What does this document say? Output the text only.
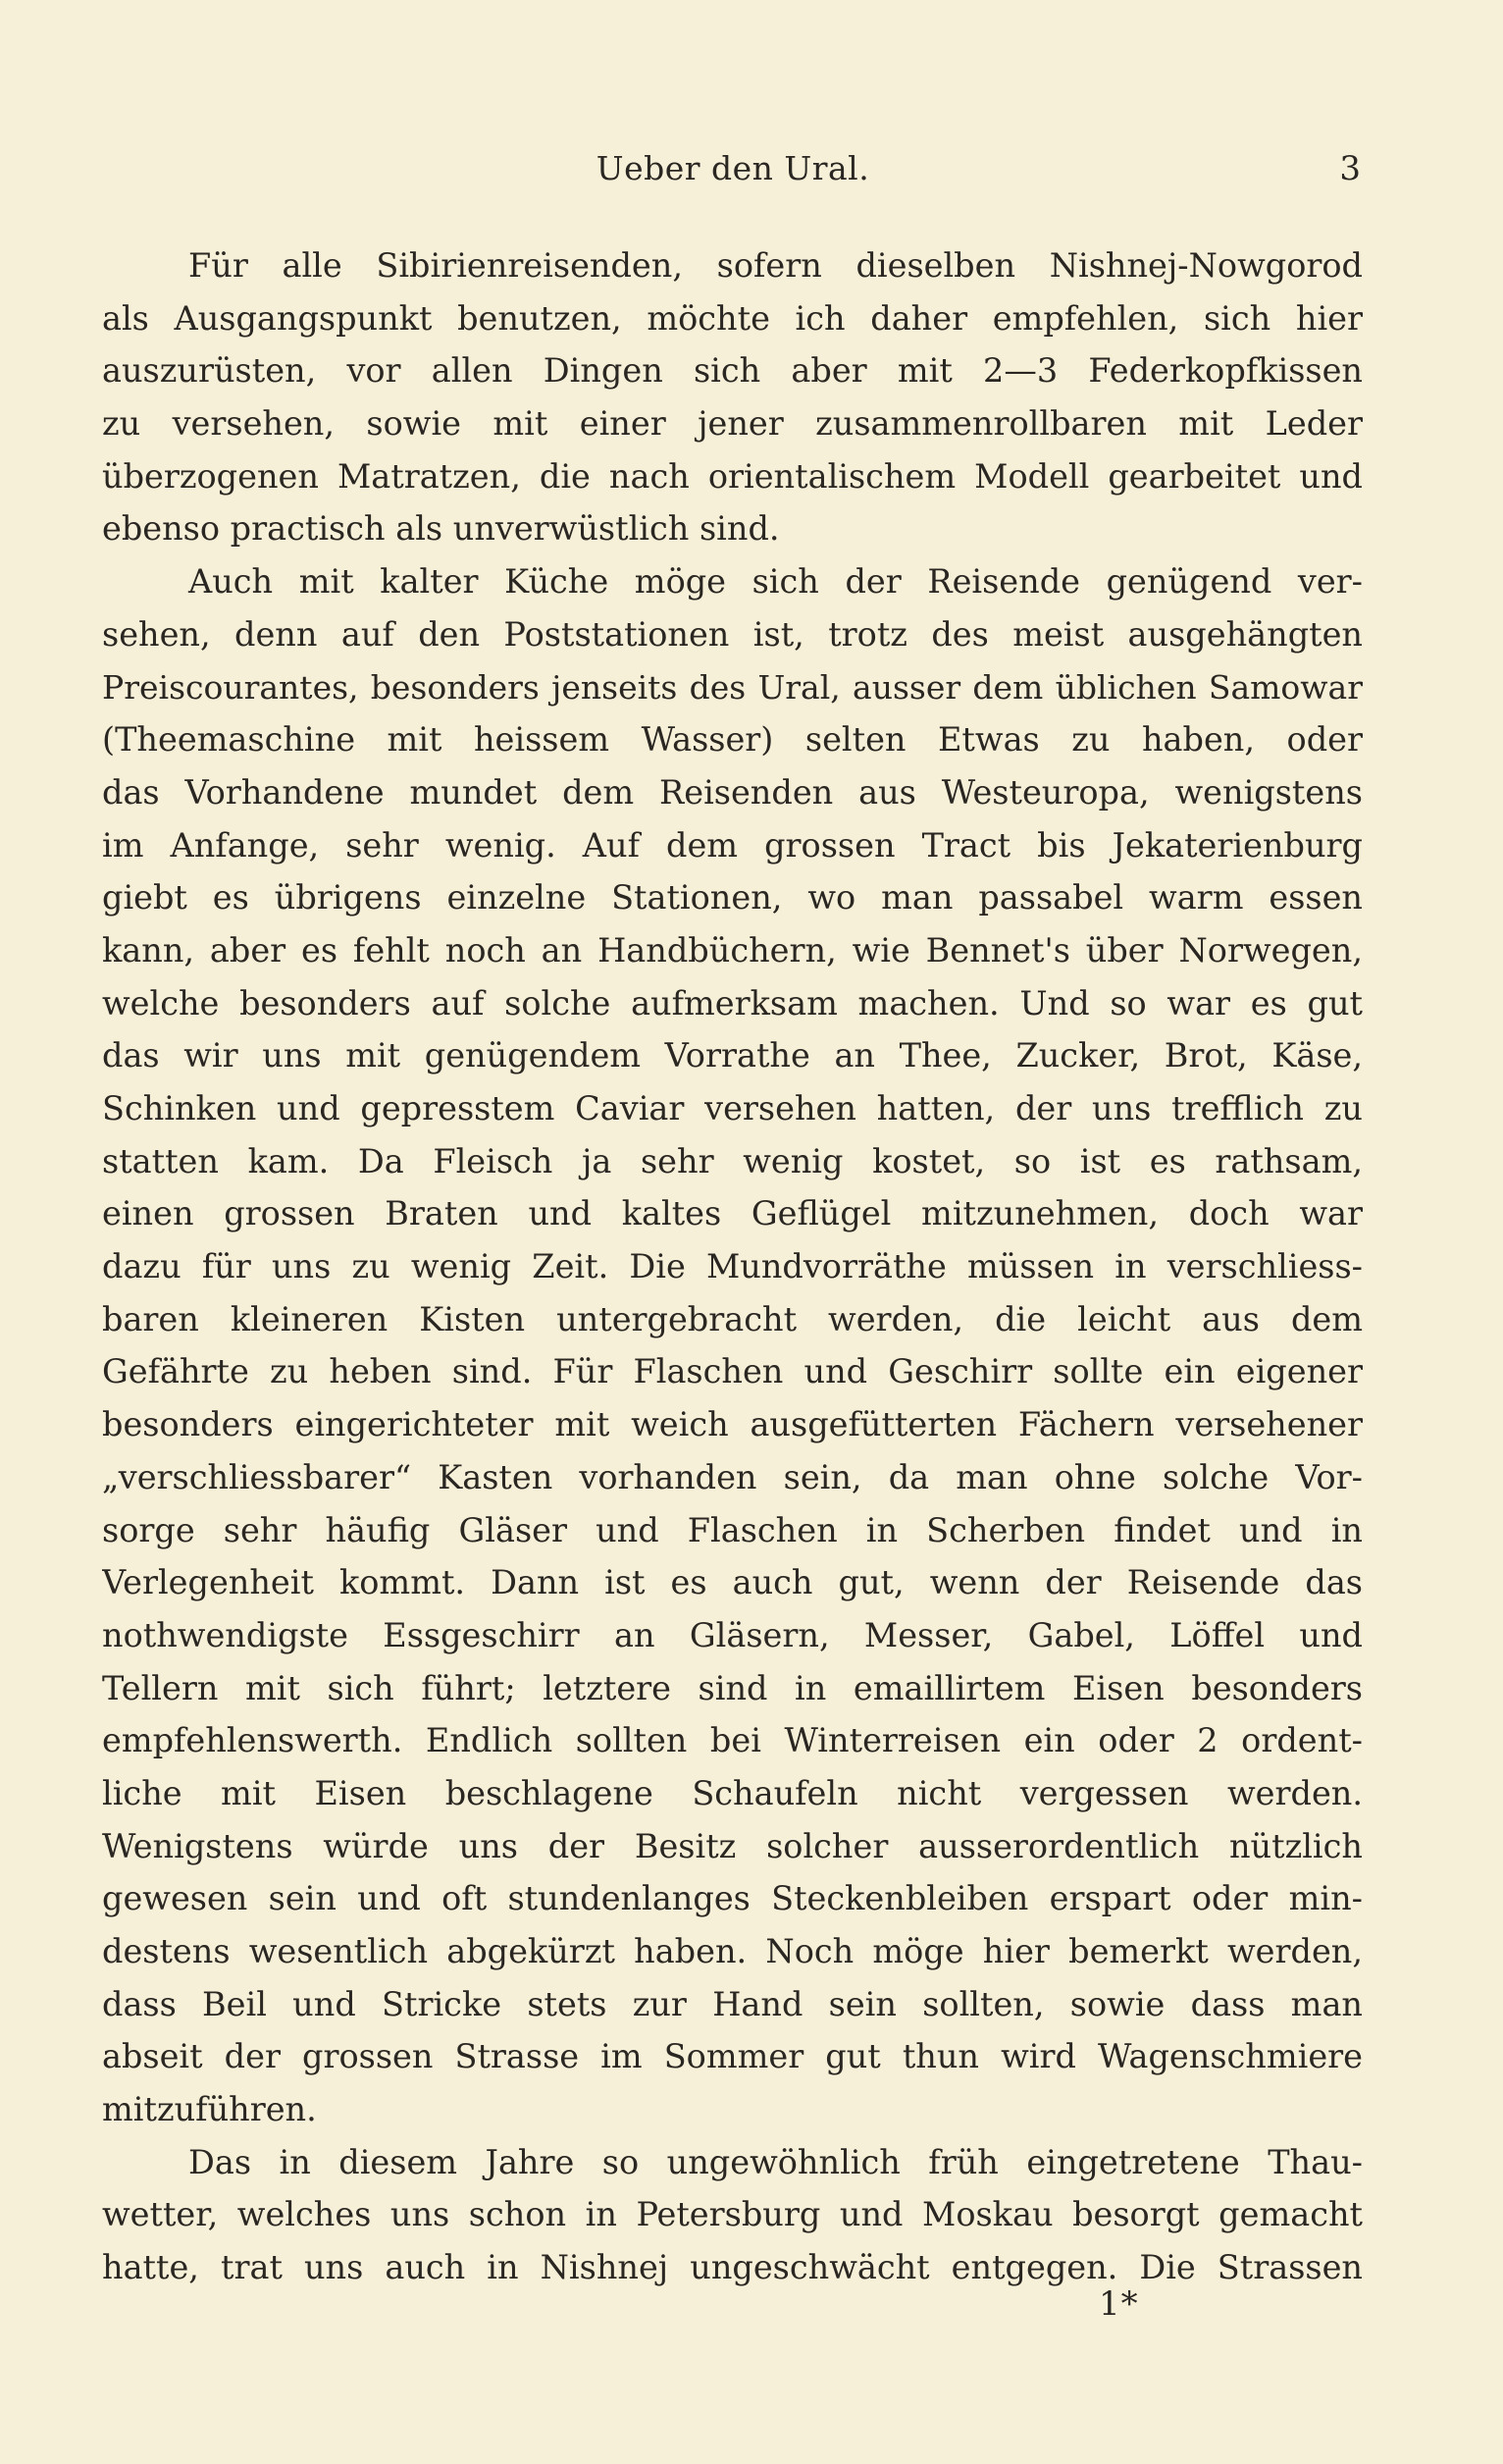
Ueber den Ural.	3
Für alle Sibirienreisenden, sofern dieselben Nishnej-Nowgorod
als Ausgangspunkt benutzen, möchte ich daher empfehlen, sich hier
auszurüsten, vor allen Dingen sich aber mit 2—3 Federkopfkissen
zu versehen, sowie mit einer jener zusammenrollbaren mit Leder
überzogenen Matratzen, die nach orientalischem Modell gearbeitet und
ebenso practisch als unverwüstlich sind.
Auch mit kalter Küche möge sich der Reisende genügend ver-
sehen, denn auf den Poststationen ist, trotz des meist ausgehängten
Preiscourantes, besonders jenseits des Ural, ausser dem üblichen Samowar
(Theemaschine mit heissem Wasser) selten Etwas zu haben, oder
das Vorhandene mundet dem Reisenden aus Westeuropa, wenigstens
im Anfange, sehr wenig. Auf dem grossen Tract bis Jekaterienburg
giebt es übrigens einzelne Stationen, wo man passabel warm essen
kann, aber es fehlt noch an Handbüchern, wie Bennet's über Norwegen,
welche besonders auf solche aufmerksam machen. Und so war es gut
das wir uns mit genügendem Vorrathe an Thee, Zucker, Brot, Käse,
Schinken und gepresstem Caviar versehen hatten, der uns trefflich zu
statten kam. Da Fleisch ja sehr wenig kostet, so ist es rathsam,
einen grossen Braten und kaltes Geflügel mitzunehmen, doch war
dazu für uns zu wenig Zeit. Die Mundvorräthe müssen in verschliess-
baren kleineren Kisten untergebracht werden, die leicht aus dem
Gefährte zu heben sind. Für Flaschen und Geschirr sollte ein eigener
besonders eingerichteter mit weich ausgefütterten Fächern versehener
„verschliessbarer“ Kasten vorhanden sein, da man ohne solche Vor-
sorge sehr häufig Gläser und Flaschen in Scherben findet und in
Verlegenheit kommt. Dann ist es auch gut, wenn der Reisende das
nothwendigste Essgeschirr an Gläsern, Messer, Gabel, Löffel und
Tellern mit sich führt; letztere sind in emaillirtem Eisen besonders
empfehlenswerth. Endlich sollten bei Winterreisen ein oder 2 ordent-
liche mit Eisen beschlagene Schaufeln nicht vergessen werden.
Wenigstens würde uns der Besitz solcher ausserordentlich nützlich
gewesen sein und oft stundenlanges Steckenbleiben erspart oder min-
destens wesentlich abgekürzt haben. Noch möge hier bemerkt werden,
dass Beil und Stricke stets zur Hand sein sollten, sowie dass man
abseit der grossen Strasse im Sommer gut thun wird Wagenschmiere
mitzuführen.
Das in diesem Jahre so ungewöhnlich früh eingetretene Thau-
wetter, welches uns schon in Petersburg und Moskau besorgt gemacht
hatte, trat uns auch in Nishnej ungeschwächt entgegen. Die Strassen
1*
